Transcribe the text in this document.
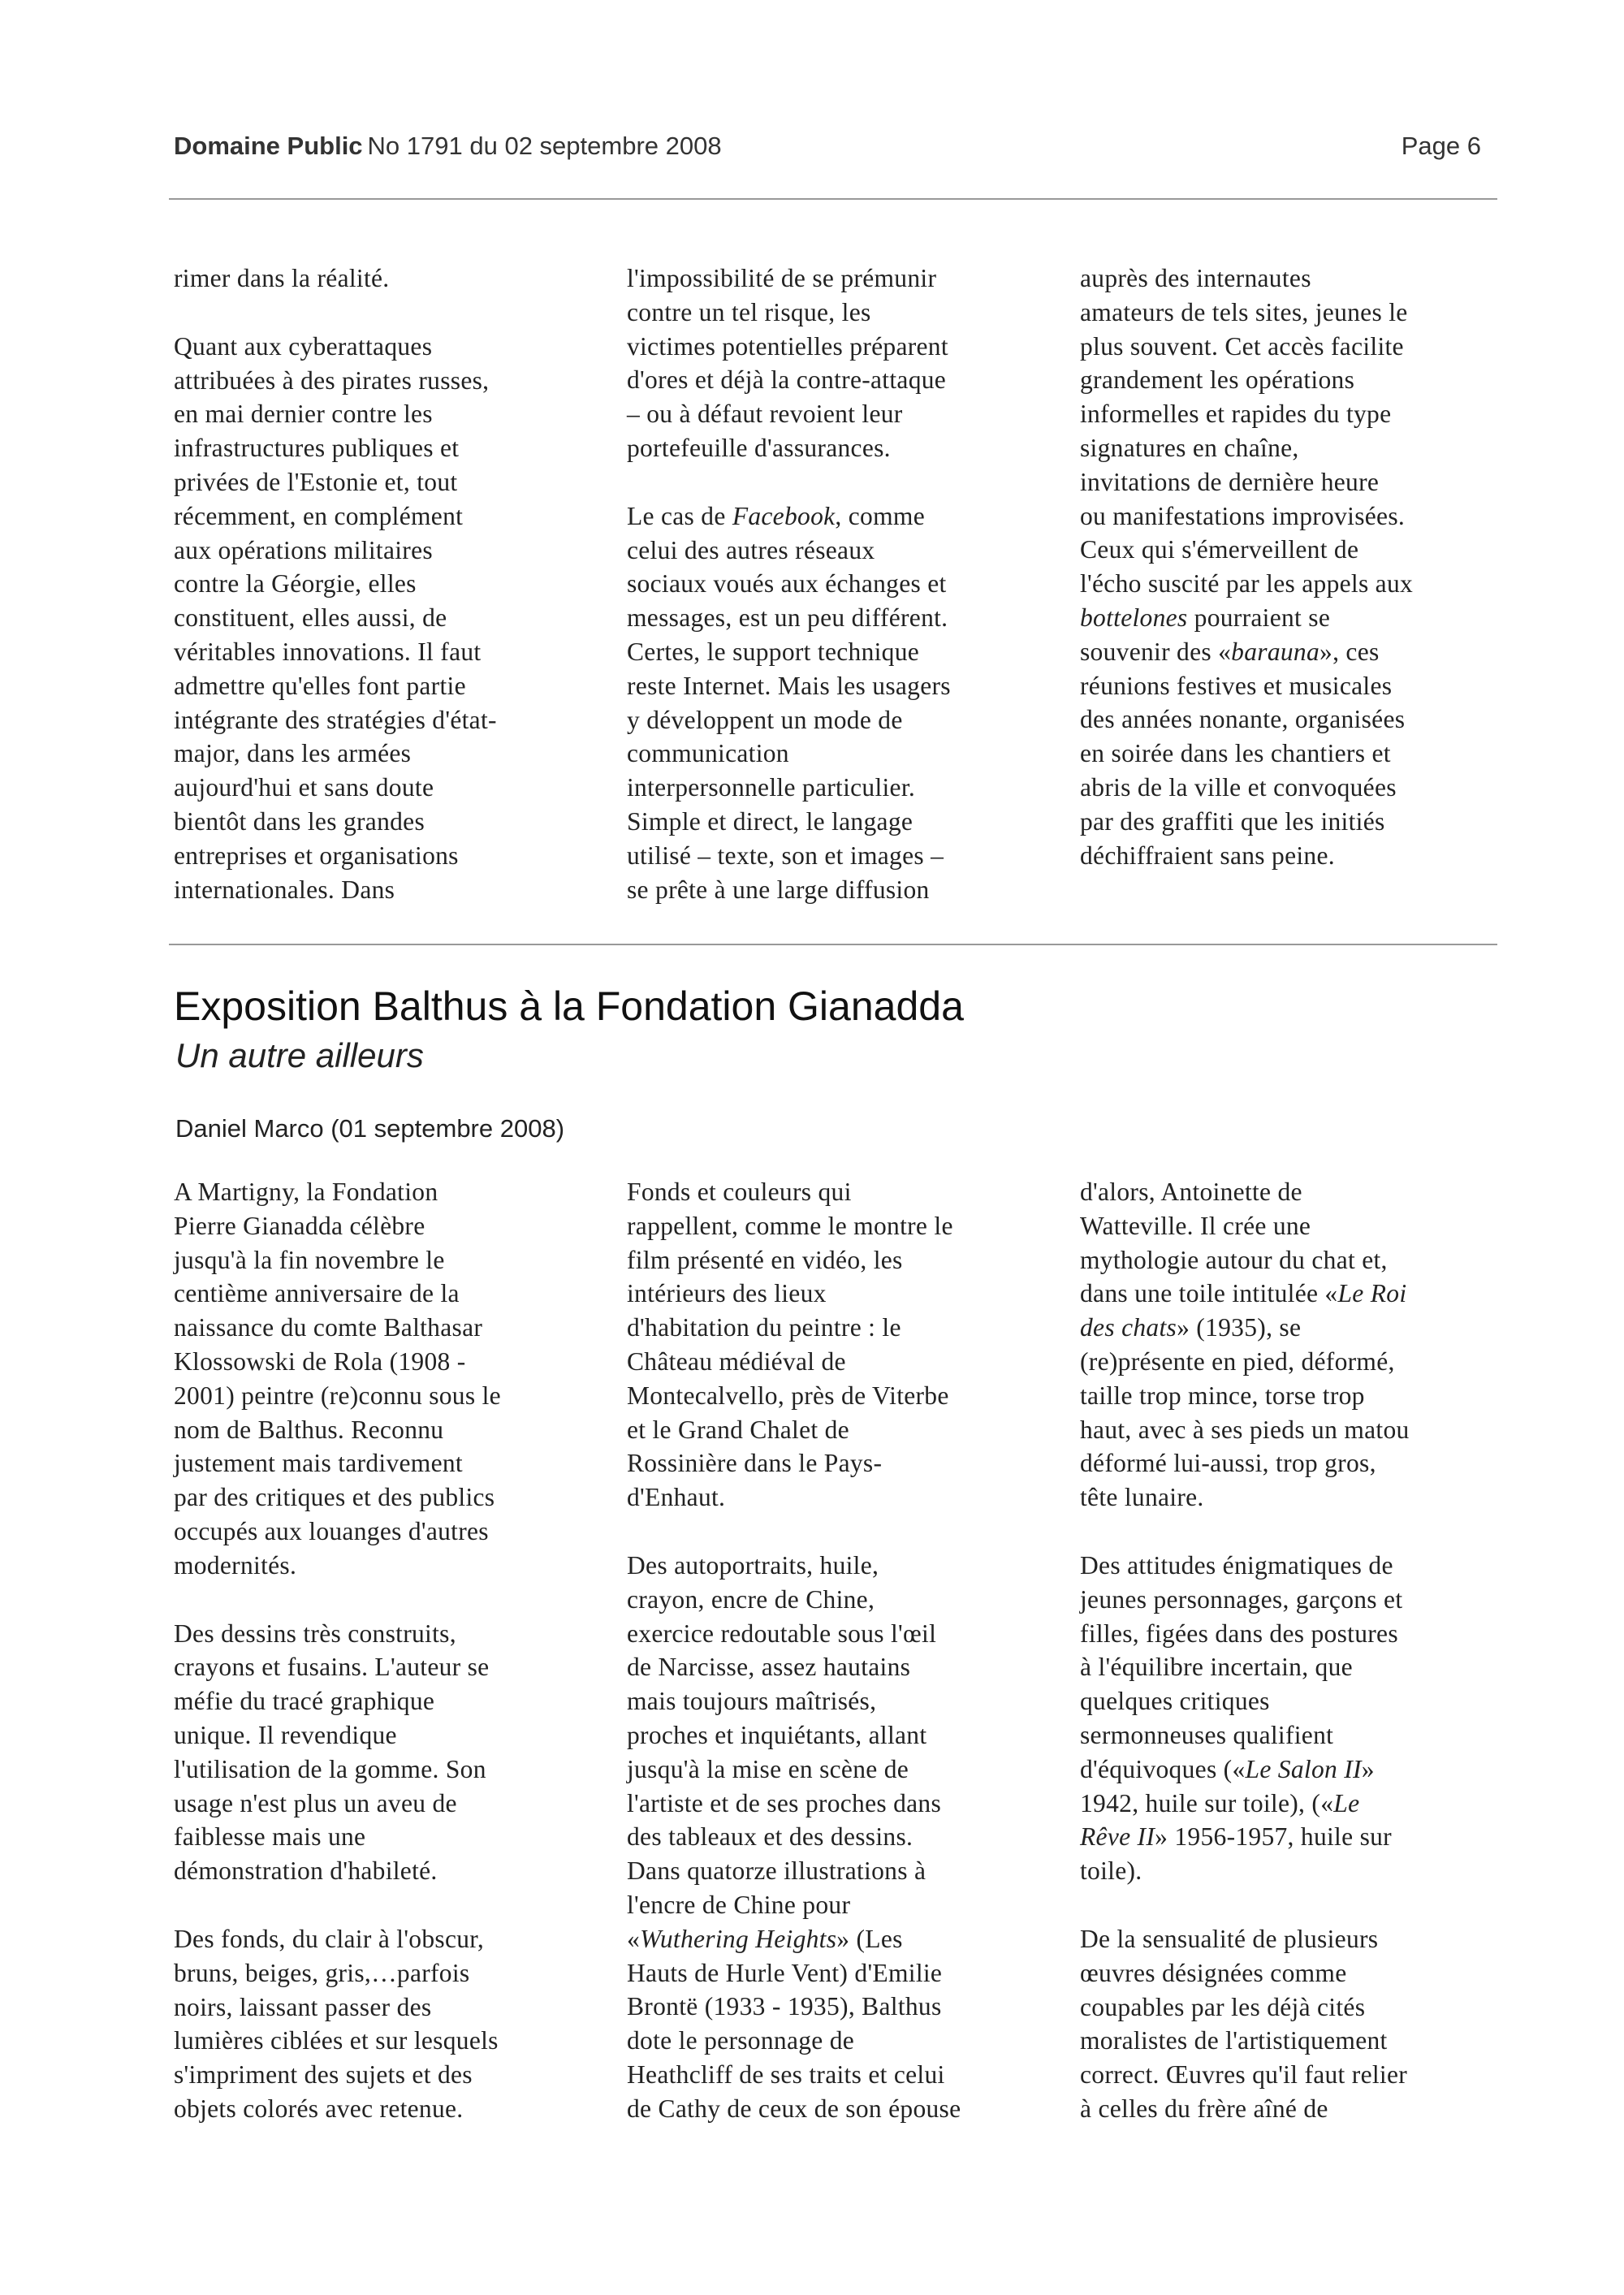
Domaine Public No 1791 du 02 septembre 2008	Page 6

rimer dans la réalité.

Quant aux cyberattaques
attribuées à des pirates russes,
en mai dernier contre les
infrastructures publiques et
privées de l'Estonie et, tout
récemment, en complément
aux opérations militaires
contre la Géorgie, elles
constituent, elles aussi, de
véritables innovations. Il faut
admettre qu'elles font partie
intégrante des stratégies d'état-
major, dans les armées
aujourd'hui et sans doute
bientôt dans les grandes
entreprises et organisations
internationales. Dans

l'impossibilité de se prémunir
contre un tel risque, les
victimes potentielles préparent
d'ores et déjà la contre-attaque
– ou à défaut revoient leur
portefeuille d'assurances.

Le cas de Facebook, comme
celui des autres réseaux
sociaux voués aux échanges et
messages, est un peu différent.
Certes, le support technique
reste Internet. Mais les usagers
y développent un mode de
communication
interpersonnelle particulier.
Simple et direct, le langage
utilisé – texte, son et images –
se prête à une large diffusion

auprès des internautes
amateurs de tels sites, jeunes le
plus souvent. Cet accès facilite
grandement les opérations
informelles et rapides du type
signatures en chaîne,
invitations de dernière heure
ou manifestations improvisées.
Ceux qui s'émerveillent de
l'écho suscité par les appels aux
bottelones pourraient se
souvenir des «barauna», ces
réunions festives et musicales
des années nonante, organisées
en soirée dans les chantiers et
abris de la ville et convoquées
par des graffiti que les initiés
déchiffraient sans peine.

Exposition Balthus à la Fondation Gianadda
Un autre ailleurs
Daniel Marco (01 septembre 2008)

A Martigny, la Fondation
Pierre Gianadda célèbre
jusqu'à la fin novembre le
centième anniversaire de la
naissance du comte Balthasar
Klossowski de Rola (1908 -
2001) peintre (re)connu sous le
nom de Balthus. Reconnu
justement mais tardivement
par des critiques et des publics
occupés aux louanges d'autres
modernités.

Des dessins très construits,
crayons et fusains. L'auteur se
méfie du tracé graphique
unique. Il revendique
l'utilisation de la gomme. Son
usage n'est plus un aveu de
faiblesse mais une
démonstration d'habileté.

Des fonds, du clair à l'obscur,
bruns, beiges, gris,…parfois
noirs, laissant passer des
lumières ciblées et sur lesquels
s'impriment des sujets et des
objets colorés avec retenue.

Fonds et couleurs qui
rappellent, comme le montre le
film présenté en vidéo, les
intérieurs des lieux
d'habitation du peintre : le
Château médiéval de
Montecalvello, près de Viterbe
et le Grand Chalet de
Rossinière dans le Pays-
d'Enhaut.

Des autoportraits, huile,
crayon, encre de Chine,
exercice redoutable sous l'œil
de Narcisse, assez hautains
mais toujours maîtrisés,
proches et inquiétants, allant
jusqu'à la mise en scène de
l'artiste et de ses proches dans
des tableaux et des dessins.
Dans quatorze illustrations à
l'encre de Chine pour
«Wuthering Heights» (Les
Hauts de Hurle Vent) d'Emilie
Brontë (1933 - 1935), Balthus
dote le personnage de
Heathcliff de ses traits et celui
de Cathy de ceux de son épouse

d'alors, Antoinette de
Watteville. Il crée une
mythologie autour du chat et,
dans une toile intitulée «Le Roi
des chats» (1935), se
(re)présente en pied, déformé,
taille trop mince, torse trop
haut, avec à ses pieds un matou
déformé lui-aussi, trop gros,
tête lunaire.

Des attitudes énigmatiques de
jeunes personnages, garçons et
filles, figées dans des postures
à l'équilibre incertain, que
quelques critiques
sermonneuses qualifient
d'équivoques («Le Salon II»
1942, huile sur toile), («Le
Rêve II» 1956-1957, huile sur
toile).

De la sensualité de plusieurs
œuvres désignées comme
coupables par les déjà cités
moralistes de l'artistiquement
correct. Œuvres qu'il faut relier
à celles du frère aîné de
